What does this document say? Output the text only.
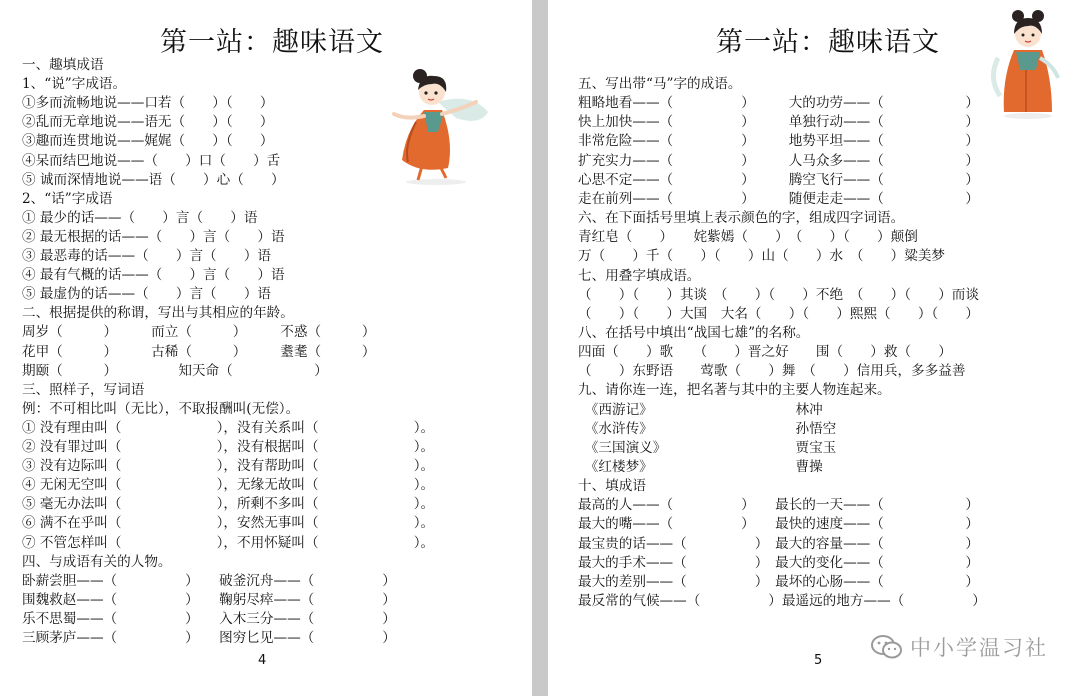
第一站：趣味语文
一、趣填成语
1、“说”字成语。
①多而流畅地说——口若（　　）（　　）
②乱而无章地说——语无（　　）（　　）
③趣而连贯地说——娓娓（　　）（　　）
④呆而结巴地说——（　　）口（　　）舌
⑤ 诚而深情地说——语（　　）心（　　）
2、“话”字成语
① 最少的话——（　　）言（　　）语
② 最无根据的话——（　　）言（　　）语
③ 最恶毒的话——（　　）言（　　）语
④ 最有气概的话——（　　）言（　　）语
⑤ 最虚伪的话——（　　）言（　　）语
二、根据提供的称谓，写出与其相应的年龄。
周岁（　　　）　　　而立（　　　）　　　不惑（　　　）
花甲（　　　）　　　古稀（　　　）　　　耋耄（　　　）
期颐（　　　）　　　　　知天命（　　　　　　）
三、照样子，写词语
例：不可相比叫（无比），不取报酬叫(无偿）。
① 没有理由叫（　　　　　　　），没有关系叫（　　　　　　　）。
② 没有罪过叫（　　　　　　　），没有根据叫（　　　　　　　）。
③ 没有边际叫（　　　　　　　），没有帮助叫（　　　　　　　）。
④ 无闲无空叫（　　　　　　　），无缘无故叫（　　　　　　　）。
⑤ 毫无办法叫（　　　　　　　），所剩不多叫（　　　　　　　）。
⑥ 满不在乎叫（　　　　　　　），安然无事叫（　　　　　　　）。
⑦ 不管怎样叫（　　　　　　　），不用怀疑叫（　　　　　　　）。
四、与成语有关的人物。
卧薪尝胆——（　　　　　）　　破釜沉舟——（　　　　　）
围魏救赵——（　　　　　）　　鞠躬尽瘁——（　　　　　）
乐不思蜀——（　　　　　）　　入木三分——（　　　　　）
三顾茅庐——（　　　　　）　　图穷匕见——（　　　　　）
4
第一站：趣味语文
五、写出带“马”字的成语。
粗略地看——（　　　　　）　　　大的功劳——（　　　　　　）
快上加快——（　　　　　）　　　单独行动——（　　　　　　）
非常危险——（　　　　　）　　　地势平坦——（　　　　　　）
扩充实力——（　　　　　）　　　人马众多——（　　　　　　）
心思不定——（　　　　　）　　　腾空飞行——（　　　　　　）
走在前列——（　　　　　）　　　随便走走——（　　　　　　）
六、在下面括号里填上表示颜色的字，组成四字词语。
青红皂（　　）　　姹紫嫣（　　）　（　　）（　　）颠倒
万（　　）千（　　）（　　）山（　　）水　（　　）粱美梦
七、用叠字填成语。
（　　）（　　）其谈　（　　）（　　）不绝　（　　）（　　）而谈
（　　）（　　）大国　大名（　　）（　　）熙熙（　　）（　　）
八、在括号中填出“战国七雄”的名称。
四面（　　）歌　　（　　）晋之好　　围（　　）救（　　）
（　　）东野语　　莺歌（　　）舞　（　　）信用兵，多多益善
九、请你连一连，把名著与其中的主要人物连起来。
　《西游记》　　　　　　　　　　　林冲
　《水浒传》　　　　　　　　　　　孙悟空
　《三国演义》　　　　　　　　　　贾宝玉
　《红楼梦》　　　　　　　　　　　曹操
十、填成语
最高的人——（　　　　　）　　最长的一天——（　　　　　　）
最大的嘴——（　　　　　）　　最快的速度——（　　　　　　）
最宝贵的话——（　　　　　）　最大的容量——（　　　　　　）
最大的手术——（　　　　　）　最大的变化——（　　　　　　）
最大的差别——（　　　　　）　最坏的心肠——（　　　　　　）
最反常的气候——（　　　　　）最遥远的地方——（　　　　　）
5
中小学温习社
